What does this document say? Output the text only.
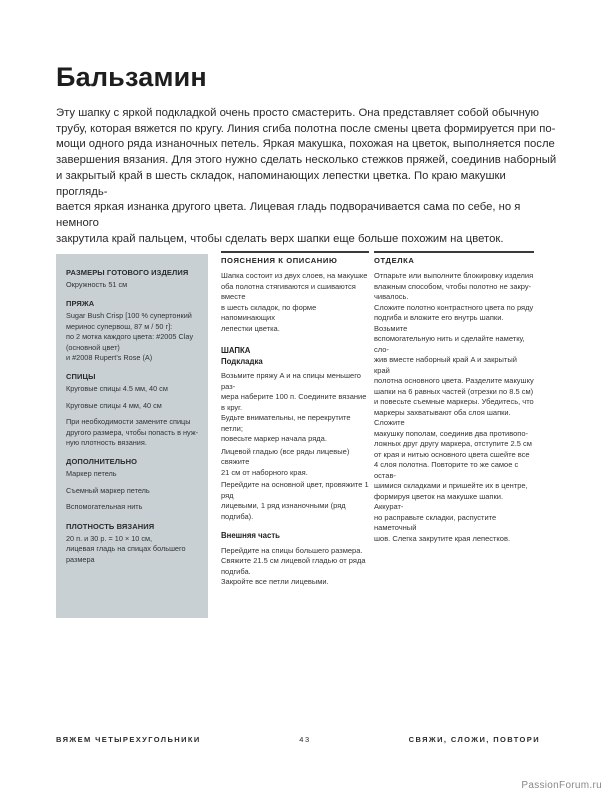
Бальзамин

Эту шапку с яркой подкладкой очень просто смастерить. Она представляет собой обычную

трубу, которая вяжется по кругу. Линия сгиба полотна после смены цвета формируется при по-

мощи одного ряда изнаночных петель. Яркая макушка, похожая на цветок, выполняется после

завершения вязания. Для этого нужно сделать несколько стежков пряжей, соединив наборный

и закрытый край в шесть складок, напоминающих лепестки цветка. По краю макушки проглядь-

вается яркая изнанка другого цвета. Лицевая гладь подворачивается сама по себе, но я немного

закрутила край пальцем, чтобы сделать верх шапки еще больше похожим на цветок.

РАЗМЕРЫ ГОТОВОГО ИЗДЕЛИЯ

Окружность 51 см

ПРЯЖА

Sugar Bush Crisp [100 % супертонкий

меринос супервош, 87 м / 50 г]:

по 2 мотка каждого цвета: #2005 Clay

(основной цвет)

и #2008 Rupert's Rose (A)

СПИЦЫ

Круговые спицы 4.5 мм, 40 см

Круговые спицы 4 мм, 40 см

При необходимости замените спицы

другого размера, чтобы попасть в нуж-

ную плотность вязания.

ДОПОЛНИТЕЛЬНО

Маркер петель

Съемный маркер петель

Вспомогательная нить

ПЛОТНОСТЬ ВЯЗАНИЯ

20 п. и 30 р. = 10 × 10 см,

лицевая гладь на спицах большего

размера

ПОЯСНЕНИЯ К ОПИСАНИЮ

Шапка состоит из двух слоев, на макушке

оба полотна стягиваются и сшиваются вместе

в шесть складок, по форме напоминающих

лепестки цветка.

ШАПКА

Подкладка

Возьмите пряжу A и на спицы меньшего раз-

мера наберите 100 п. Соедините вязание в круг.

Будьте внимательны, не перекрутите петли;

повесьте маркер начала ряда.

Лицевой гладью (все ряды лицевые) свяжите

21 см от наборного края.

Перейдите на основной цвет, провяжите 1 ряд

лицевыми, 1 ряд изнаночными (ряд подгиба).

Внешняя часть

Перейдите на спицы большего размера.

Свяжите 21.5 см лицевой гладью от ряда

подгиба.

Закройте все петли лицевыми.

ОТДЕЛКА

Отпарьте или выполните блокировку изделия

влажным способом, чтобы полотно не закру-

чивалось.

Сложите полотно контрастного цвета по ряду

подгиба и вложите его внутрь шапки. Возьмите

вспомогательную нить и сделайте наметку, сло-

жив вместе наборный край A и закрытый край

полотна основного цвета. Разделите макушку

шапки на 6 равных частей (отрезки по 8.5 см)

и повесьте съемные маркеры. Убедитесь, что

маркеры захватывают оба слоя шапки. Сложите

макушку пополам, соединив два противопо-

ложных друг другу маркера, отступите 2.5 см

от края и нитью основного цвета сшейте все

4 слоя полотна. Повторите то же самое с остав-

шимися складками и пришейте их в центре,

формируя цветок на макушке шапки. Аккурат-

но расправьте складки, распустите наметочный

шов. Слегка закрутите края лепестков.

ВЯЖЕМ ЧЕТЫРЕХУГОЛЬНИКИ	43	СВЯЖИ, СЛОЖИ, ПОВТОРИ
PassionForum.ru
